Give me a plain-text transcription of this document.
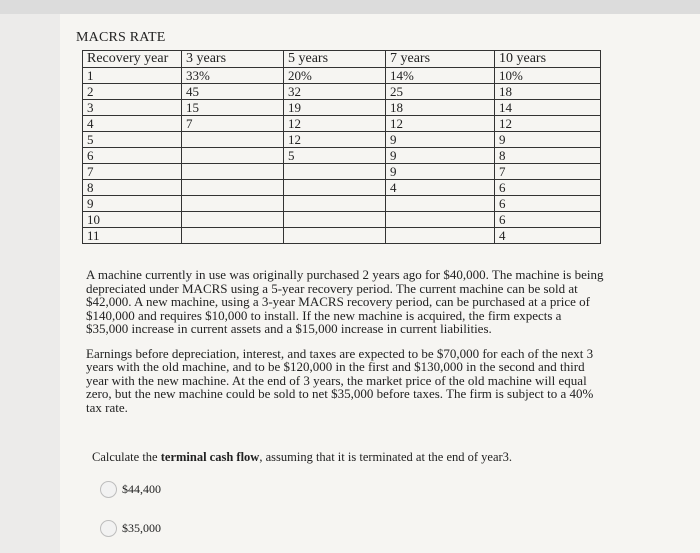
MACRS RATE
Recovery year	3 years	5 years	7 years	10 years
1	33%	20%	14%	10%
2	45	32	25	18
3	15	19	18	14
4	7	12	12	12
5		12	9	9
6		5	9	8
7			9	7
8			4	6
9				6
10				6
11				4

A machine currently in use was originally purchased 2 years ago for $40,000. The machine is being depreciated under MACRS using a 5-year recovery period. The current machine can be sold at $42,000. A new machine, using a 3-year MACRS recovery period, can be purchased at a price of $140,000 and requires $10,000 to install. If the new machine is acquired, the firm expects a $35,000 increase in current assets and a $15,000 increase in current liabilities.

Earnings before depreciation, interest, and taxes are expected to be $70,000 for each of the next 3 years with the old machine, and to be $120,000 in the first and $130,000 in the second and third year with the new machine. At the end of 3 years, the market price of the old machine will equal zero, but the new machine could be sold to net $35,000 before taxes. The firm is subject to a 40% tax rate.

Calculate the terminal cash flow, assuming that it is terminated at the end of year3.
$44,400
$35,000
